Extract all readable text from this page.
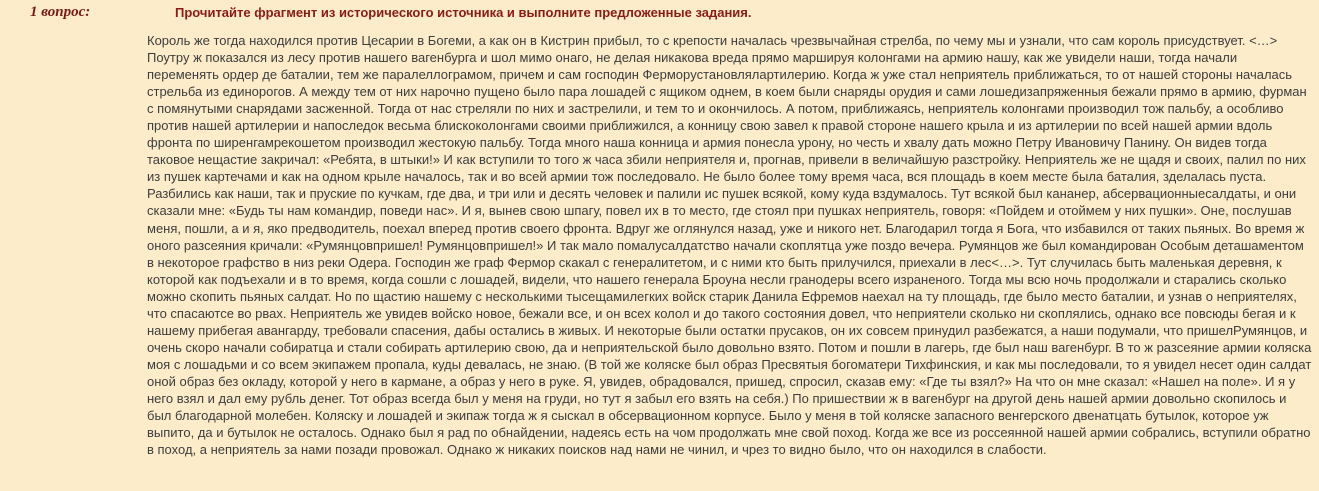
1 вопрос:	Прочитайте фрагмент из исторического источника и выполните предложенные задания.

Король же тогда находился против Цесарии в Богеми, а как он в Кистрин прибыл, то с крепости началась чрезвычайная стрелба, по чему мы и узнали, что сам король присудствует. <…> Поутру ж показался из лесу против нашего вагенбурга и шол мимо онаго, не делая никакова вреда прямо маршируя колонгами на армию нашу, как же увидели наши, тогда начали переменять ордер де баталии, тем же паралеллограмом, причем и сам господин Фермоpустановлялартилерию. Когда ж уже стал неприятель приближаться, то от нашей стороны началась стрельба из единорогов. А между тем от них нарочно пущено было пара лошадей с ящиком однем, в коем были снаряды орудия и сами лошедизапряженныя бежали прямо в армию, фурман с помянутыми снарядами засженной. Тогда от нас стреляли по них и застрелили, и тем то и окончилось. А потом, приближаясь, неприятель колонгами производил тож пальбу, а особливо против нашей артилерии и напоследок весьма блискоколонгами своими приближился, а конницу свою завел к правой стороне нашего крыла и из артилерии по всей нашей армии вдоль фронта по ширенгамрекошетом производил жестокую пальбу. Тогда много наша конница и армия понесла урону, но честь и хвалу дать можно Петру Ивановичу Панину. Он видев тогда таковое нещастие закричал: «Ребята, в штыки!» И как вступили то того ж часа збили неприятеля и, прогнав, привели в величайшую разстройку. Неприятель же не щадя и своих, палил по них из пушек картечами и как на одном крыле началось, так и во всей армии тож последовало. Не было более тому время часа, вся площадь в коем месте была баталия, зделалась пуста. Разбились как наши, так и пруские по кучкам, где два, и три или и десять человек и палили ис пушек всякой, кому куда вздумалось. Тут всякой был кананер, абсервационныесалдаты, и они сказали мне: «Будь ты нам командир, поведи нас». И я, вынев свою шпагу, повел их в то место, где стоял при пушках неприятель, говоря: «Пойдем и отоймем у них пушки». Оне, послушав меня, пошли, а и я, яко предводитель, поехал вперед против своего фронта. Вдруг же оглянулся назад, уже и никого нет. Благодарил тогда я Бога, что избавился от таких пьяных. Во время ж оного разсеяния кричали: «Румянцовпришел! Румянцовпришел!» И так мало помалусалдатство начали скоплятца уже поздо вечера. Румянцов же был командирован Особым деташаментом в некоторое графство в низ реки Одера. Господин же граф Фермор скакал с генералитетом, и с ними кто быть прилучился, приехали в лес<…>. Тут случилась быть маленькая деревня, к которой как подъехали и в то время, когда сошли с лошадей, видели, что нашего генерала Броуна несли гранодеры всего израненого. Тогда мы всю ночь продолжали и старались сколько можно скопить пьяных салдат. Но по щастию нашему с несколькими тысещамилегких войск старик Данила Ефремов наехал на ту площадь, где было место баталии, и узнав о неприятелях, что спасаютсе во рвах. Неприятель же увидев войско новое, бежали все, и он всех колол и до такого состояния довел, что неприятели сколько ни скоплялись, однако все повсюды бегая и к нашему прибегая авангарду, требовали спасения, дабы остались в живых. И некоторые были остатки прусаков, он их совсем принудил разбежатся, а наши подумали, что пришелРумянцов, и очень скоро начали собиратца и стали собирать артилерию свою, да и неприятельской было довольно взято. Потом и пошли в лагерь, где был наш вагенбург. В то ж разсеяние армии коляска моя с лошадьми и со всем экипажем пропала, куды девалась, не знаю. (В той же коляске был образ Пресвятыя богоматери Тихфинския, и как мы последовали, то я увидел несет один салдат оной образ без окладу, которой у него в кармане, а образ у него в руке. Я, увидев, обрадовался, пришед, спросил, сказав ему: «Где ты взял?» На что он мне сказал: «Нашел на поле». И я у него взял и дал ему рубль денег. Тот образ всегда был у меня на груди, но тут я забыл его взять на себя.) По пришествии ж в вагенбург на другой день нашей армии довольно скопилось и был благодарной молебен. Коляску и лошадей и экипаж тогда ж я сыскал в обсервационном корпусе. Было у меня в той коляске запасного венгерского двенатцать бутылок, которое уж выпито, да и бутылок не осталось. Однако был я рад по обнайдении, надеясь есть на чом продолжать мне свой поход. Когда же все из россеянной нашей армии собрались, вступили обратно в поход, а неприятель за нами позади провожал. Однако ж никаких поисков над нами не чинил, и чрез то видно было, что он находился в слабости.
